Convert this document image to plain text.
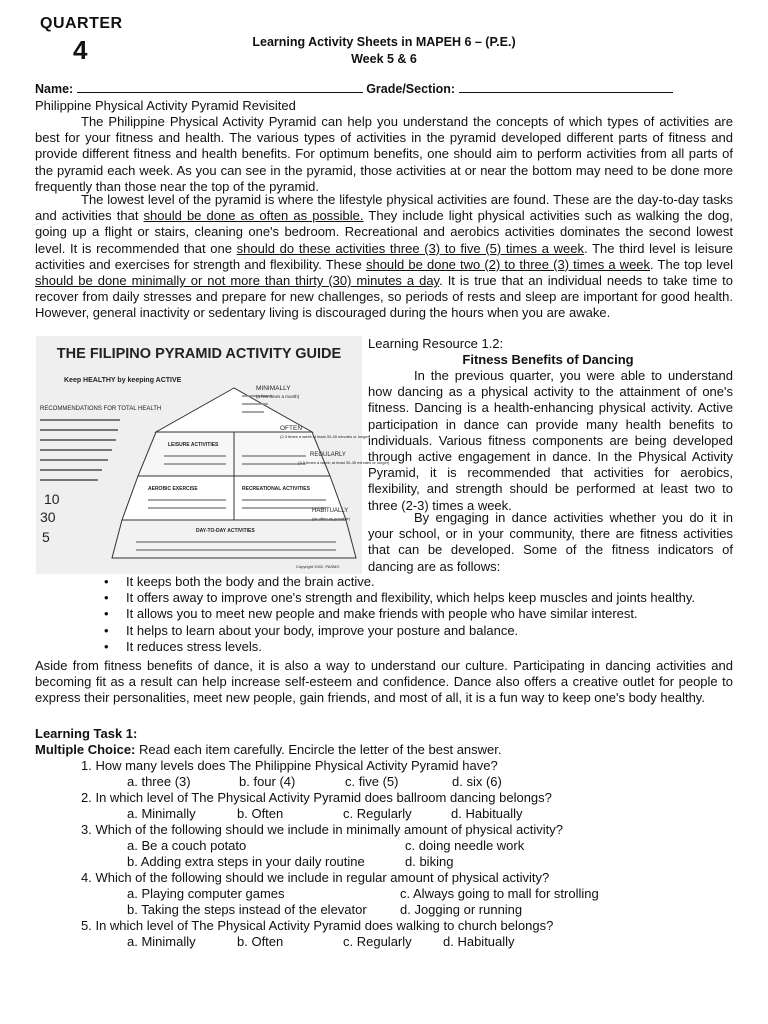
QUARTER
4	Learning Activity Sheets in MAPEH 6 – (P.E.)
Week 5 & 6
Name:	Grade/Section:
Philippine Physical Activity Pyramid Revisited
The Philippine Physical Activity Pyramid can help you understand the concepts of which types of activities are best for your fitness and health. The various types of activities in the pyramid developed different parts of fitness and provide different fitness and health benefits. For optimum benefits, one should aim to perform activities from all parts of the pyramid each week. As you can see in the pyramid, those activities at or near the bottom may need to be done more frequently than those near the top of the pyramid.
The lowest level of the pyramid is where the lifestyle physical activities are found. These are the day-to-day tasks and activities that should be done as often as possible. They include light physical activities such as walking the dog, going up a flight or stairs, cleaning one's bedroom. Recreational and aerobics activities dominates the second lowest level. It is recommended that one should do these activities three (3) to five (5) times a week. The third level is leisure activities and exercises for strength and flexibility. These should be done two (2) to three (3) times a week. The top level should be done minimally or not more than thirty (30) minutes a day. It is true that an individual needs to take time to recover from daily stresses and prepare for new challenges, so periods of rests and sleep are important for good health. However, general inactivity or sedentary living is discouraged during the hours when you are awake.
THE FILIPINO PYRAMID ACTIVITY GUIDE
Keep HEALTHY by keeping ACTIVE
RECOMMENDATIONS FOR TOTAL HEALTH
10
30
5
LEISURE ACTIVITIES
AEROBIC EXERCISE	RECREATIONAL ACTIVITIES
DAY-TO-DAY ACTIVITIES
MINIMALLY
(a few times a month)
OFTEN
(2-3 times a week at least 30-45 minutes or longer)
REGULARLY
(3-5 times a week; at least 30-45 minutes or longer)
HABITUALLY
(as often as possible)
Copyright 2002, PASMO
Learning Resource 1.2:
Fitness Benefits of Dancing
In the previous quarter, you were able to understand how dancing as a physical activity to the attainment of one's fitness. Dancing is a health-enhancing physical activity. Active participation in dance can provide many health benefits to individuals. Various fitness components are being developed through active engagement in dance. In the Physical Activity Pyramid, it is recommended that activities for aerobics, flexibility, and strength should be performed at least two to three (2-3) times a week.
By engaging in dance activities whether you do it in your school, or in your community, there are fitness activities that can be developed. Some of the fitness indicators of dancing are as follows:
• It keeps both the body and the brain active.
• It offers away to improve one's strength and flexibility, which helps keep muscles and joints healthy.
• It allows you to meet new people and make friends with people who have similar interest.
• It helps to learn about your body, improve your posture and balance.
• It reduces stress levels.
Aside from fitness benefits of dance, it is also a way to understand our culture. Participating in dancing activities and becoming fit as a result can help increase self-esteem and confidence. Dance also offers a creative outlet for people to express their personalities, meet new people, gain friends, and most of all, it is a fun way to keep one's body healthy.
Learning Task 1:
Multiple Choice: Read each item carefully. Encircle the letter of the best answer.
1. How many levels does The Philippine Physical Activity Pyramid have?
a. three (3)	b. four (4)	c. five (5)	d. six (6)
2. In which level of The Physical Activity Pyramid does ballroom dancing belongs?
a. Minimally	b. Often	c. Regularly	d. Habitually
3. Which of the following should we include in minimally amount of physical activity?
a. Be a couch potato	c. doing needle work
b. Adding extra steps in your daily routine	d. biking
4. Which of the following should we include in regular amount of physical activity?
a. Playing computer games	c. Always going to mall for strolling
b. Taking the steps instead of the elevator	d. Jogging or running
5. In which level of The Physical Activity Pyramid does walking to church belongs?
a. Minimally	b. Often	c. Regularly d. Habitually
